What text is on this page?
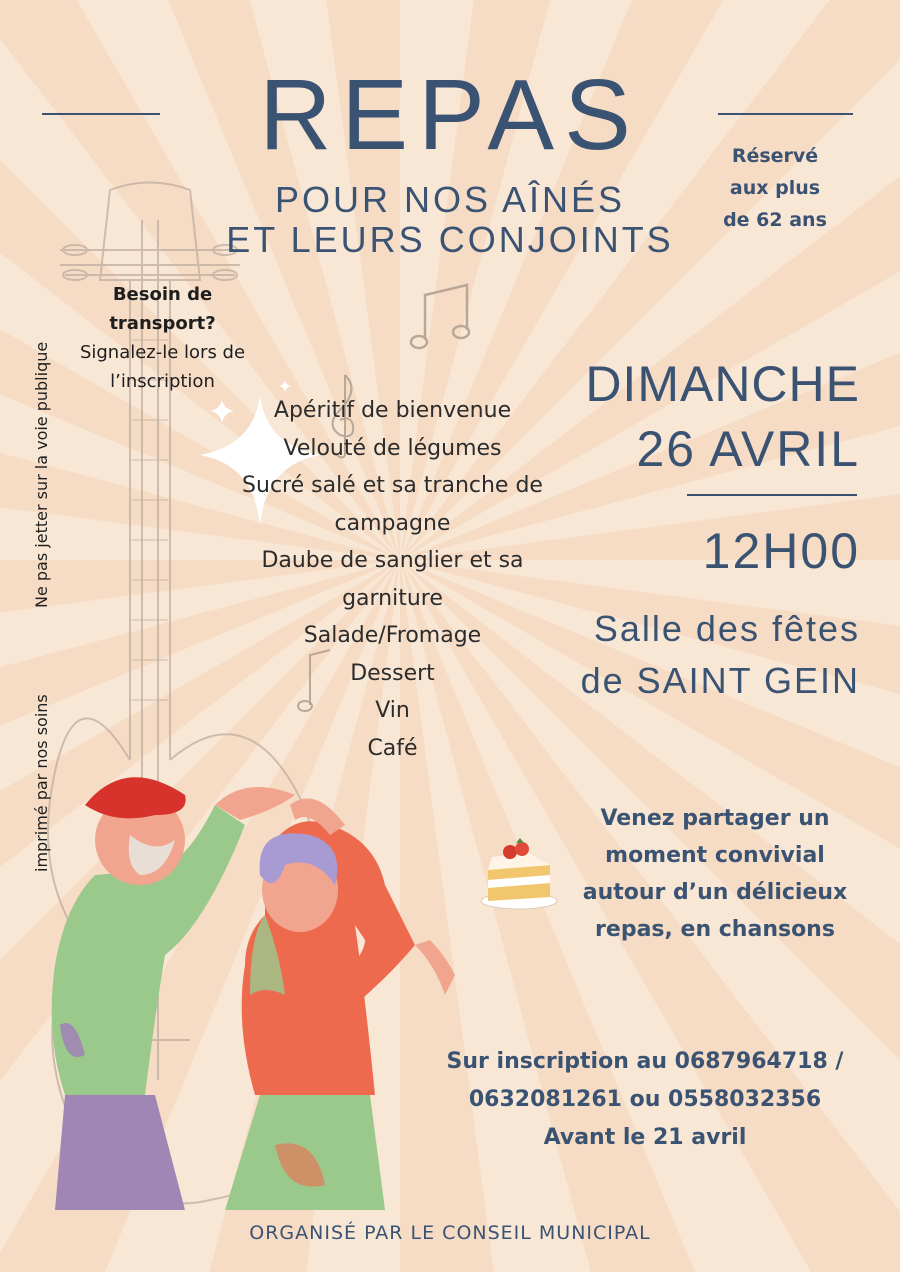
REPAS
POUR NOS AÎNÉS
ET LEURS CONJOINTS
Réservé
aux plus
de 62 ans
Besoin de
transport?
Signalez-le lors de
l’inscription
Apéritif de bienvenue
Velouté de légumes
Sucré salé et sa tranche de
campagne
Daube de sanglier et sa
garniture
Salade/Fromage
Dessert
Vin
Café
DIMANCHE
26 AVRIL
12H00
Salle des fêtes
de SAINT GEIN
Venez partager un
moment convivial
autour d’un délicieux
repas, en chansons
Sur inscription au 0687964718 /
0632081261 ou 0558032356
Avant le 21 avril
Ne pas jetter sur la voie publique
imprimé par nos soins
ORGANISÉ PAR LE CONSEIL MUNICIPAL
